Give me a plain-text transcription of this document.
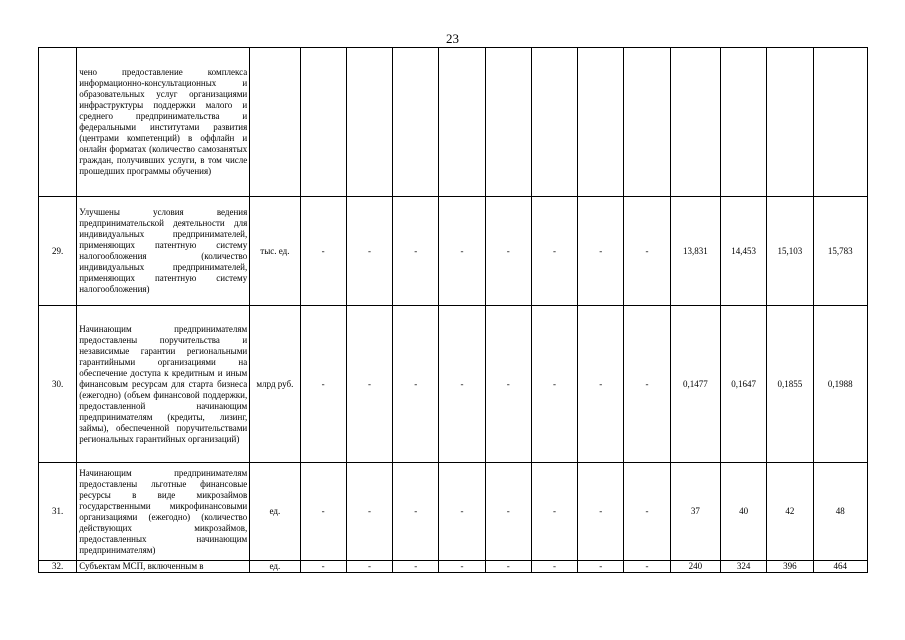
23
	чено предоставление комплекса информационно-консультационных и образовательных услуг организациями инфраструктуры поддержки малого и среднего предпринимательства и федеральными институтами развития (центрами компетенций) в оффлайн и онлайн форматах (количество самозанятых граждан, получивших услуги, в том числе прошедших программы обучения)													
29.	Улучшены условия ведения предпринимательской деятельности для индивидуальных предпринимателей, применяющих патентную систему налогообложения (количество индивидуальных предпринимателей, применяющих патентную систему налогообложения)	тыс. ед.	-	-	-	-	-	-	-	-	13,831	14,453	15,103	15,783
30.	Начинающим предпринимателям предоставлены поручительства и независимые гарантии региональными гарантийными организациями на обеспечение доступа к кредитным и иным финансовым ресурсам для старта бизнеса (ежегодно) (объем финансовой поддержки, предоставленной начинающим предпринимателям (кредиты, лизинг, займы), обеспеченной поручительствами региональных гарантийных организаций)	млрд руб.	-	-	-	-	-	-	-	-	0,1477	0,1647	0,1855	0,1988
31.	Начинающим предпринимателям предоставлены льготные финансовые ресурсы в виде микрозаймов государственными микрофинансовыми организациями (ежегодно) (количество действующих микрозаймов, предоставленных начинающим предпринимателям)	ед.	-	-	-	-	-	-	-	-	37	40	42	48
32.	Субъектам МСП, включенным в	ед.	-	-	-	-	-	-	-	-	240	324	396	464
